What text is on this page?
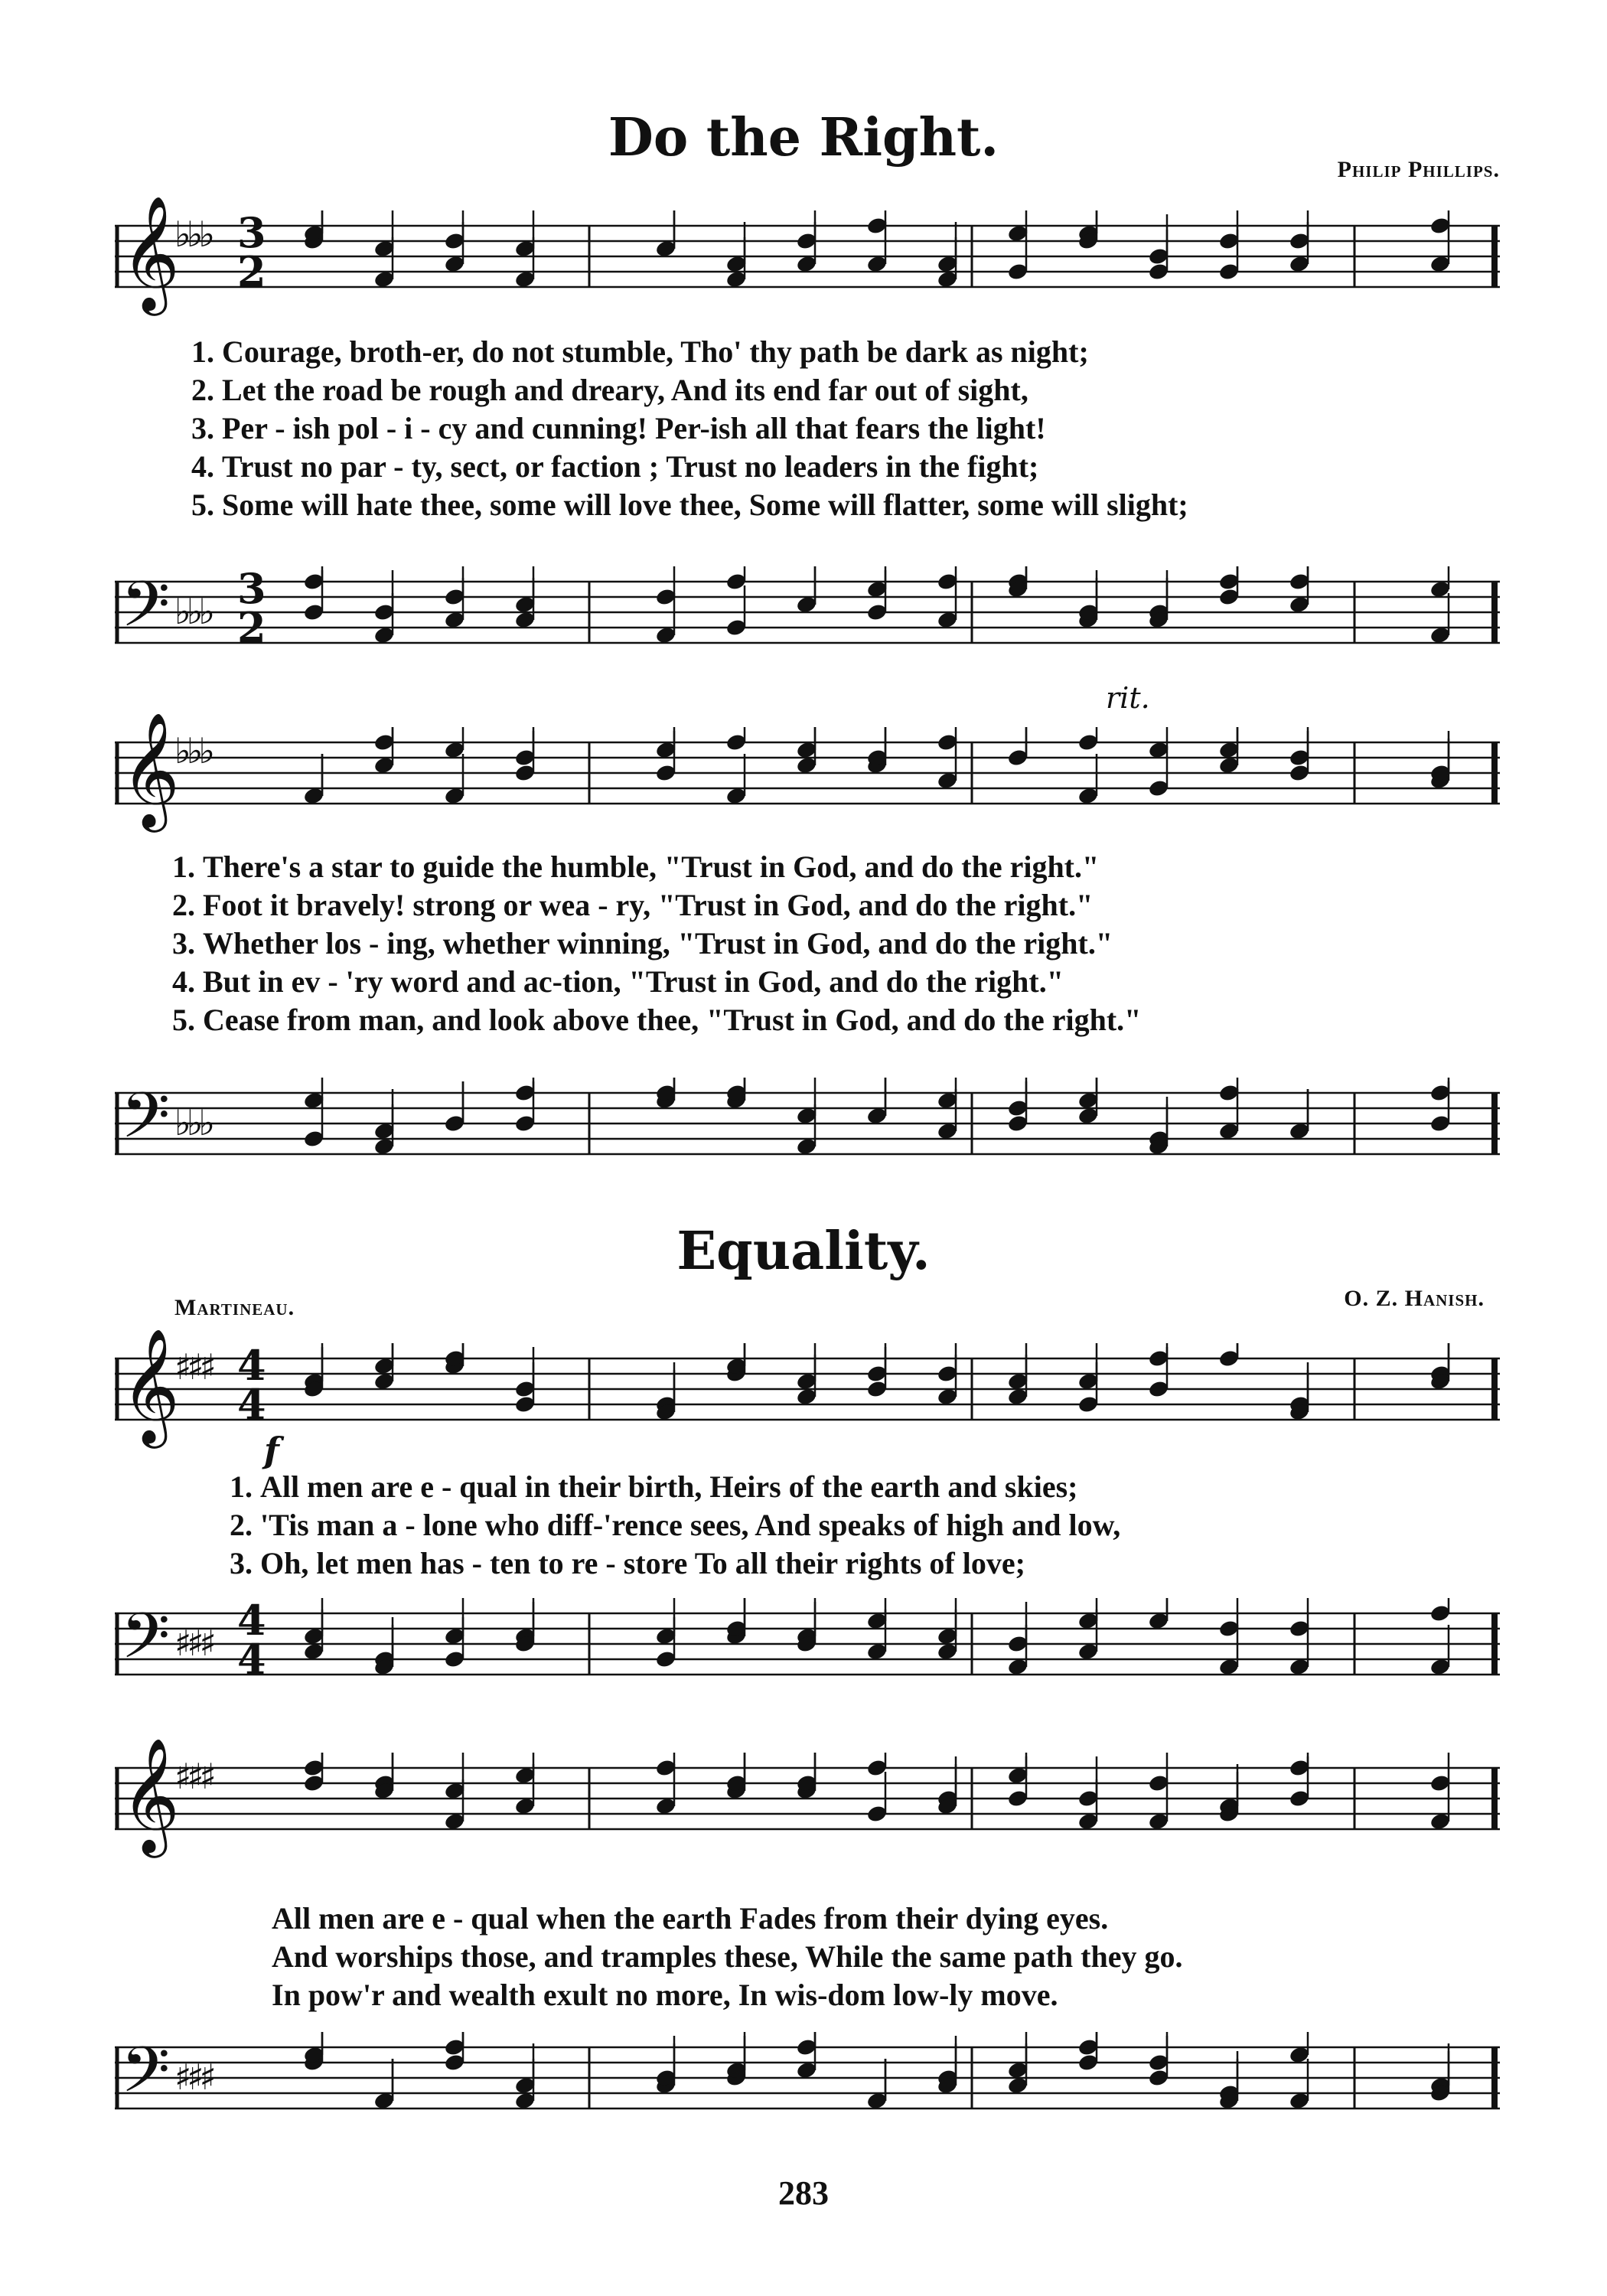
Do the Right.
Philip Phillips.
𝄞
♭♭♭ 3
2
1.
Courage, broth-er, do not stumble, Tho' thy path be dark as night;
2.
Let the road be rough and dreary, And its end far out of sight,
3.
Per - ish pol - i - cy and cunning! Per-ish all that fears the light!
4.
Trust no par - ty, sect, or faction ; Trust no leaders in the fight;
5.
Some will hate thee, some will love thee, Some will flatter, some will slight;
𝄢 ♭♭♭ 3
2
rit.
𝄞
♭♭♭
1.
There's a star to guide the humble, "Trust in God, and do the right."
2.
Foot it bravely! strong or wea - ry, "Trust in God, and do the right."
3.
Whether los - ing, whether winning, "Trust in God, and do the right."
4.
But in ev - 'ry word and ac-tion, "Trust in God, and do the right."
5.
Cease from man, and look above thee, "Trust in God, and do the right."
𝄢 ♭♭♭
Equality.
Martineau.	O. Z. Hanish.
𝄞
♯♯♯ 4
4
f
1.
All men are e - qual in their birth, Heirs of the earth and skies;
2.
'Tis man a - lone who diff-'rence sees, And speaks of high and low,
3.
Oh, let men has - ten to re - store To all their rights of love;
𝄢 ♯♯♯ 4
4
𝄞
♯♯♯
All men are e - qual when the earth Fades from their dying eyes.
And worships those, and tramples these, While the same path they go.
In pow'r and wealth exult no more, In wis-dom low-ly move.
𝄢 ♯♯♯
283
